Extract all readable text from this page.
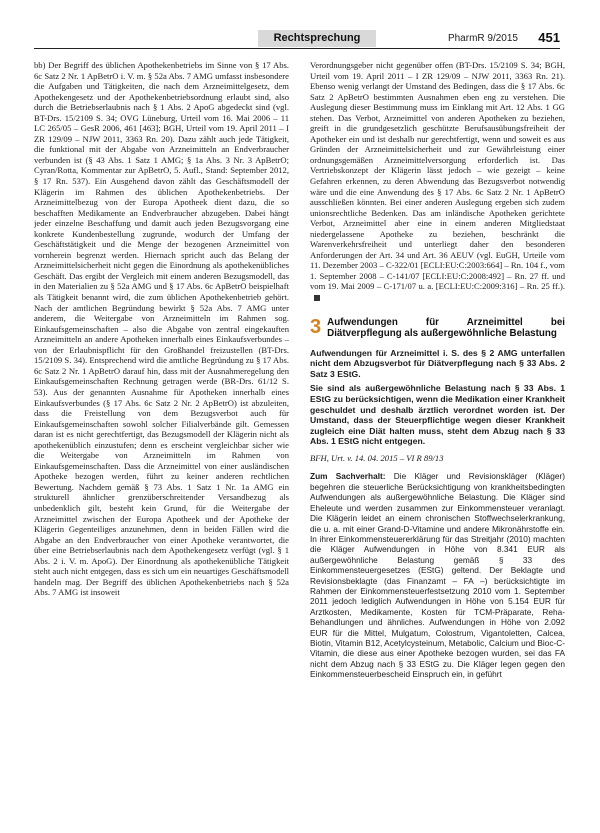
Rechtsprechung	PharmR 9/2015 451

bb) Der Begriff des üblichen Apothekenbetriebs im Sinne von § 17 Abs. 6c Satz 2 Nr. 1 ApBetrO i. V. m. § 52a Abs. 7 AMG umfasst insbesondere die Aufgaben und Tätigkeiten, die nach dem Arzneimittelgesetz, dem Apothekengesetz und der Apothekenbetriebsordnung erlaubt sind, also durch die Betriebserlaubnis nach § 1 Abs. 2 ApoG abgedeckt sind (vgl. BT-Drs. 15/2109 S. 34; OVG Lüneburg, Urteil vom 16. Mai 2006 – 11 LC 265/05 – GesR 2006, 461 [463]; BGH, Urteil vom 19. April 2011 – I ZR 129/09 – NJW 2011, 3363 Rn. 20). Dazu zählt auch jede Tätigkeit, die funktional mit der Abgabe von Arzneimitteln an Endverbraucher verbunden ist (§ 43 Abs. 1 Satz 1 AMG; § 1a Abs. 3 Nr. 3 ApBetrO; Cyran/Rotta, Kommentar zur ApBetrO, 5. Aufl., Stand: September 2012, § 17 Rn. 537). Ein Ausgehend davon zählt das Geschäftsmodell der Klägerin im Rahmen des üblichen Apothekenbetriebs. Der Arzneimittelbezug von der Europa Apotheek dient dazu, die so beschafften Medikamente an Endverbraucher abzugeben. Dabei hängt jeder einzelne Beschaffung und damit auch jeden Bezugsvorgang eine konkrete Kundenbestellung zugrunde, wodurch der Umfang der Geschäftstätigkeit und die Menge der bezogenen Arzneimittel von vornherein begrenzt werden. Hiernach spricht auch das Belang der Arzneimittelsicherheit nicht gegen die Einordnung als apothekenübliches Geschäft. Das ergibt der Vergleich mit einem anderen Bezugsmodell, das in den Materialien zu § 52a AMG und § 17 Abs. 6c ApBetrO beispielhaft als Tätigkeit benannt wird, die zum üblichen Apothekenbetrieb gehört. Nach der amtlichen Begründung bewirkt § 52a Abs. 7 AMG unter anderem, die Weitergabe von Arzneimitteln im Rahmen sog. Einkaufsgemeinschaften – also die Abgabe von zentral eingekauften Arzneimitteln an andere Apotheken innerhalb eines Einkaufsverbundes – von der Erlaubnispflicht für den Großhandel freizustellen (BT-Drs. 15/2109 S. 34). Entsprechend wird die amtliche Begründung zu § 17 Abs. 6c Satz 2 Nr. 1 ApBetrO darauf hin, dass mit der Ausnahmeregelung den Einkaufsgemeinschaften Rechnung getragen werde (BR-Drs. 61/12 S. 53). Aus der genannten Ausnahme für Apotheken innerhalb eines Einkaufsverbundes (§ 17 Abs. 6c Satz 2 Nr. 2 ApBetrO) ist abzuleiten, dass die Freistellung von dem Bezugsverbot auch für Einkaufsgemeinschaften sowohl solcher Filialverbände gilt. Gemessen daran ist es nicht gerechtfertigt, das Bezugsmodell der Klägerin nicht als apothekenüblich einzustufen; denn es erscheint vergleichbar sicher wie die Weitergabe von Arzneimitteln im Rahmen von Einkaufsgemeinschaften. Dass die Arzneimittel von einer ausländischen Apotheke bezogen werden, führt zu keiner anderen rechtlichen Bewertung. Nachdem gemäß § 73 Abs. 1 Satz 1 Nr. 1a AMG ein strukturell ähnlicher grenzüberschreitender Versandbezug als unbedenklich gilt, besteht kein Grund, für die Weitergabe der Arzneimittel zwischen der Europa Apotheek und der Apotheke der Klägerin Gegenteiliges anzunehmen, denn in beiden Fällen wird die Abgabe an den Endverbraucher von einer Apotheke verantwortet, die über eine Betriebserlaubnis nach dem Apothekengesetz verfügt (vgl. § 1 Abs. 2 i. V. m. ApoG). Der Einordnung als apothekenübliche Tätigkeit steht auch nicht entgegen, dass es sich um ein neuartiges Geschäftsmodell handeln mag. Der Begriff des üblichen Apothekenbetriebs nach § 52a Abs. 7 AMG ist insoweit

Verordnungsgeber nicht gegenüber offen (BT-Drs. 15/2109 S. 34; BGH, Urteil vom 19. April 2011 – I ZR 129/09 – NJW 2011, 3363 Rn. 21). Ebenso wenig verlangt der Umstand des Bedingen, dass die § 17 Abs. 6c Satz 2 ApBetrO bestimmten Ausnahmen eben eng zu verstehen. Die Auslegung dieser Bestimmung muss im Einklang mit Art. 12 Abs. 1 GG stehen. Das Verbot, Arzneimittel von anderen Apotheken zu beziehen, greift in die grundgesetzlich geschützte Berufsausübungsfreiheit der Apotheker ein und ist deshalb nur gerechtfertigt, wenn und soweit es aus Gründen der Arzneimittelsicherheit und zur Gewährleistung einer ordnungsgemäßen Arzneimittelversorgung erforderlich ist. Das Vertriebskonzept der Klägerin lässt jedoch – wie gezeigt – keine Gefahren erkennen, zu deren Abwendung das Bezugsverbot notwendig wäre und die eine Anwendung des § 17 Abs. 6c Satz 2 Nr. 1 ApBetrO ausschließen könnten. Bei einer anderen Auslegung ergeben sich zudem unionsrechtliche Bedenken. Das am inländische Apotheken gerichtete Verbot, Arzneimittel aber eine in einem anderen Mitgliedstaat niedergelassene Apotheke zu beziehen, beschränkt die Warenverkehrsfreiheit und unterliegt daher den besonderen Anforderungen der Art. 34 und Art. 36 AEUV (vgl. EuGH, Urteile vom 11. Dezember 2003 – C-322/01 [ECLI:EU:C:2003:664] – Rn. 104 f., vom 1. September 2008 – C-141/07 [ECLI:EU:C:2008:492] – Rn. 27 ff. und vom 19. Mai 2009 – C-171/07 u. a. [ECLI:EU:C:2009:316] – Rn. 25 ff.).

3 Aufwendungen für Arzneimittel bei Diätverpflegung als außergewöhnliche Belastung

Aufwendungen für Arzneimittel i. S. des § 2 AMG unterfallen nicht dem Abzugsverbot für Diätverpflegung nach § 33 Abs. 2 Satz 3 EStG.

Sie sind als außergewöhnliche Belastung nach § 33 Abs. 1 EStG zu berücksichtigen, wenn die Medikation einer Krankheit geschuldet und deshalb ärztlich verordnet worden ist. Der Umstand, dass der Steuerpflichtige wegen dieser Krankheit zugleich eine Diät halten muss, steht dem Abzug nach § 33 Abs. 1 EStG nicht entgegen.

BFH, Urt. v. 14. 04. 2015 – VI R 89/13
Zum Sachverhalt: Die Kläger und Revisionskläger (Kläger) begehren die steuerliche Berücksichtigung von krankheitsbedingten Aufwendungen als außergewöhnliche Belastung. Die Kläger sind Eheleute und werden zusammen zur Einkommensteuer veranlagt. Die Klägerin leidet an einem chronischen Stoffwechselerkrankung, die u. a. mit einer Grand-D-Vitamine und andere Mikronährstoffe ein. In ihrer Einkommensteuererklärung für das Streitjahr (2010) machten die Kläger Aufwendungen in Höhe von 8.341 EUR als außergewöhnliche Belastung gemäß § 33 des Einkommensteuergesetzes (EStG) geltend. Der Beklagte und Revisionsbeklagte (das Finanzamt – FA –) berücksichtigte im Rahmen der Einkommensteuerfestsetzung 2010 vom 1. September 2011 jedoch lediglich Aufwendungen in Höhe von 5.154 EUR für Arztkosten, Medikamente, Kosten für TCM-Präparate, Reha-Behandlungen und ähnliches. Aufwendungen in Höhe von 2.092 EUR für die Mittel, Mulgatum, Colostrum, Vigantoletten, Calcea, Biotin, Vitamin B12, Acetylcysteinum, Metabolic, Calcium und Bioc-C-Vitamin, die diese aus einer Apotheke bezogen wurden, sei das FA nicht dem Abzug nach § 33 EStG zu. Die Kläger legen gegen den Einkommensteuerbescheid Einspruch ein, in geführt
